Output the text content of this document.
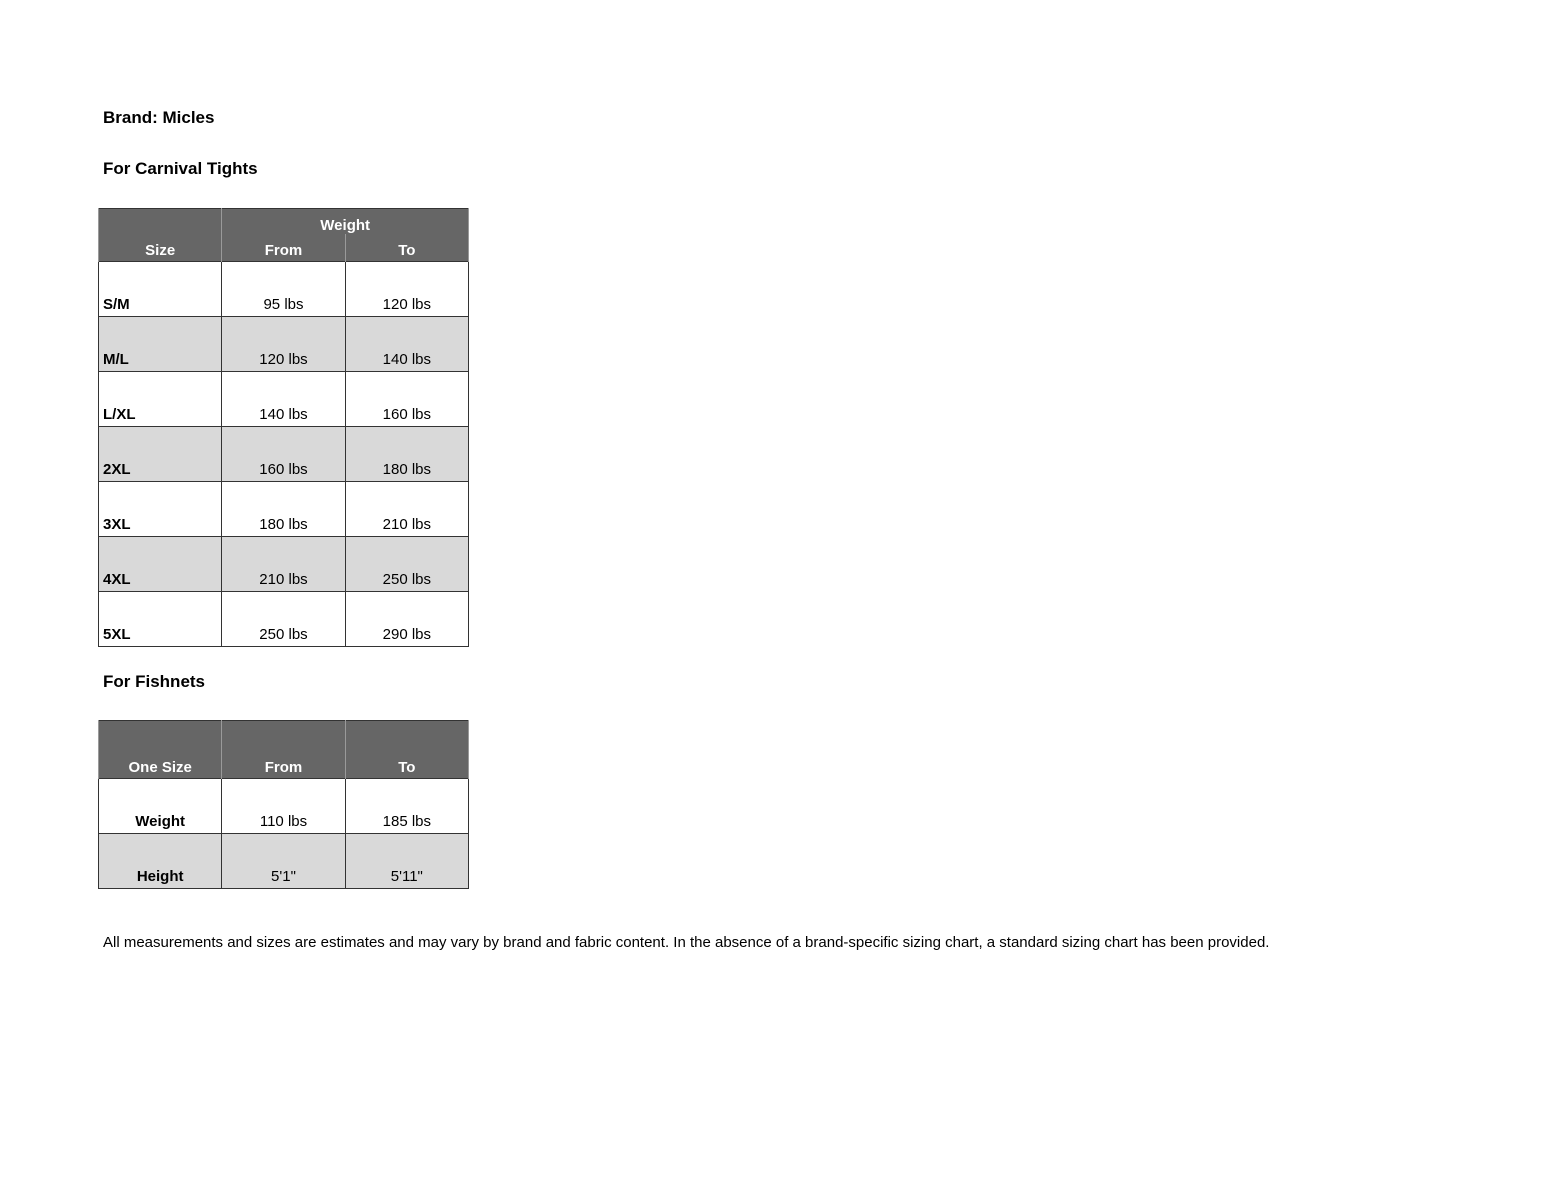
Brand: Micles
For Carnival Tights
Size	Weight	
	From	To
S/M	95 lbs	120 lbs
M/L	120 lbs	140 lbs
L/XL	140 lbs	160 lbs
2XL	160 lbs	180 lbs
3XL	180 lbs	210 lbs
4XL	210 lbs	250 lbs
5XL	250 lbs	290 lbs
For Fishnets
One Size	From	To
Weight	110 lbs	185 lbs
Height	5'1"	5'11"

All measurements and sizes are estimates and may vary by brand and fabric content. In the absence of a brand-specific sizing chart, a standard sizing chart has been provided.
